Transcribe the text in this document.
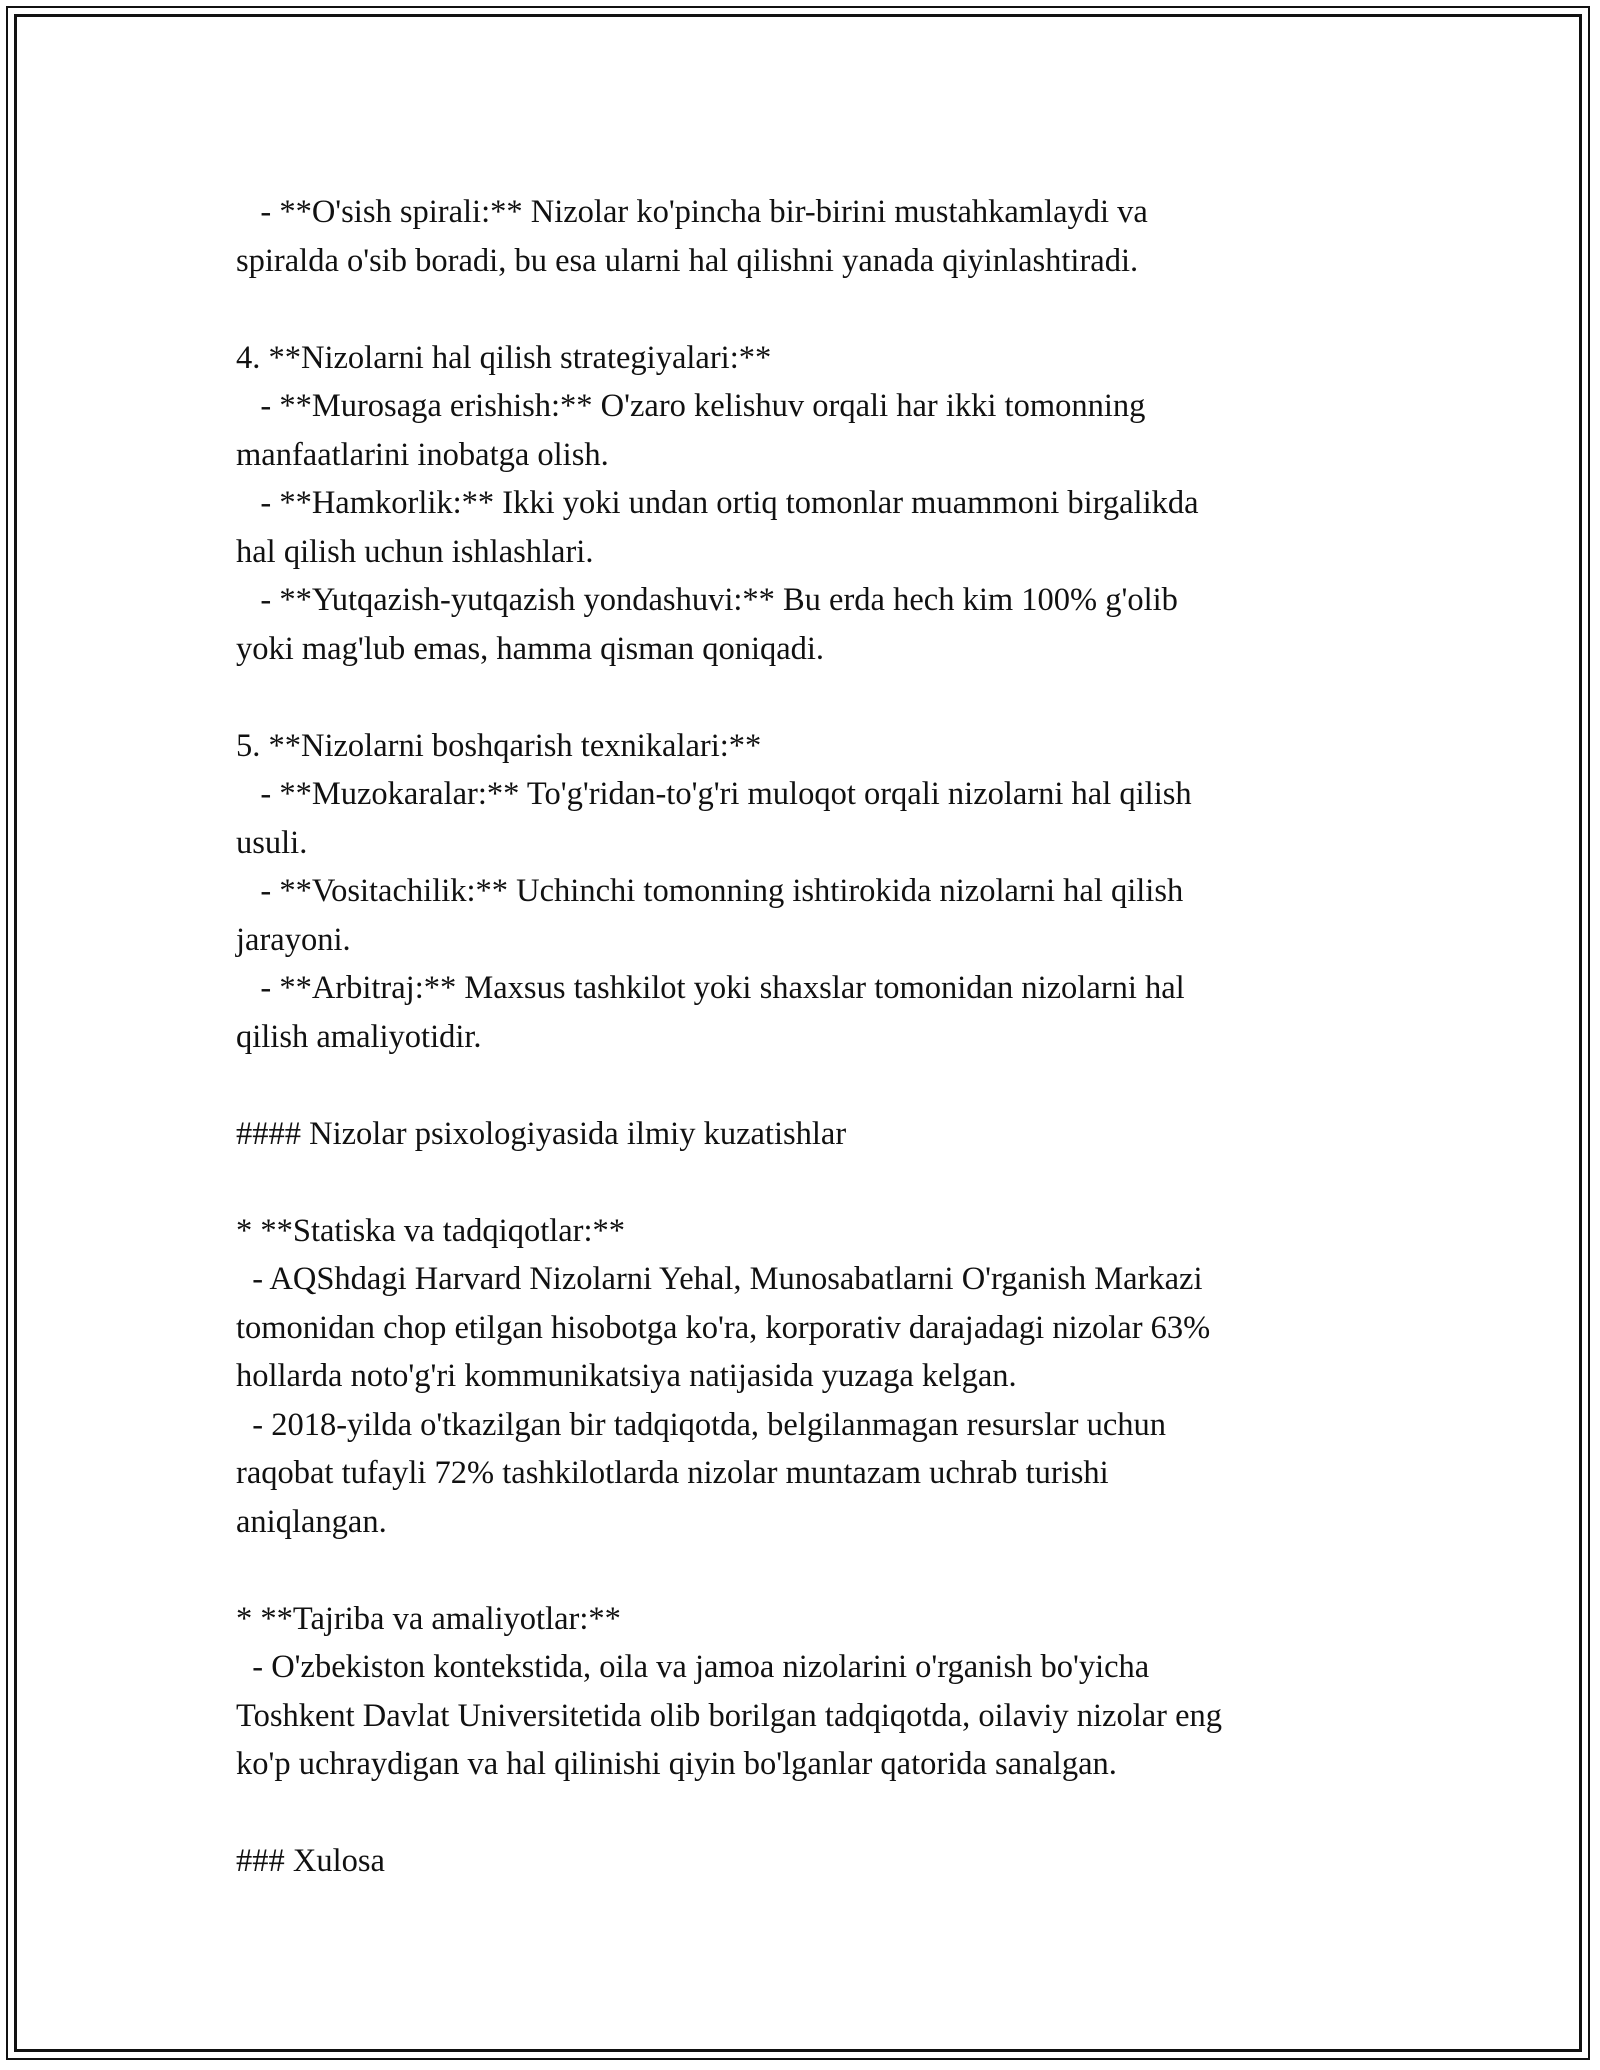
- **O'sish spirali:** Nizolar ko'pincha bir-birini mustahkamlaydi va
spiralda o'sib boradi, bu esa ularni hal qilishni yanada qiyinlashtiradi.
4. **Nizolarni hal qilish strategiyalari:**
- **Murosaga erishish:** O'zaro kelishuv orqali har ikki tomonning
manfaatlarini inobatga olish.
- **Hamkorlik:** Ikki yoki undan ortiq tomonlar muammoni birgalikda
hal qilish uchun ishlashlari.
- **Yutqazish-yutqazish yondashuvi:** Bu erda hech kim 100% g'olib
yoki mag'lub emas, hamma qisman qoniqadi.
5. **Nizolarni boshqarish texnikalari:**
- **Muzokaralar:** To'g'ridan-to'g'ri muloqot orqali nizolarni hal qilish
usuli.
- **Vositachilik:** Uchinchi tomonning ishtirokida nizolarni hal qilish
jarayoni.
- **Arbitraj:** Maxsus tashkilot yoki shaxslar tomonidan nizolarni hal
qilish amaliyotidir.
#### Nizolar psixologiyasida ilmiy kuzatishlar
* **Statiska va tadqiqotlar:**
- AQShdagi Harvard Nizolarni Yehal, Munosabatlarni O'rganish Markazi
tomonidan chop etilgan hisobotga ko'ra, korporativ darajadagi nizolar 63%
hollarda noto'g'ri kommunikatsiya natijasida yuzaga kelgan.
- 2018-yilda o'tkazilgan bir tadqiqotda, belgilanmagan resurslar uchun
raqobat tufayli 72% tashkilotlarda nizolar muntazam uchrab turishi
aniqlangan.
* **Tajriba va amaliyotlar:**
- O'zbekiston kontekstida, oila va jamoa nizolarini o'rganish bo'yicha
Toshkent Davlat Universitetida olib borilgan tadqiqotda, oilaviy nizolar eng
ko'p uchraydigan va hal qilinishi qiyin bo'lganlar qatorida sanalgan.
### Xulosa
